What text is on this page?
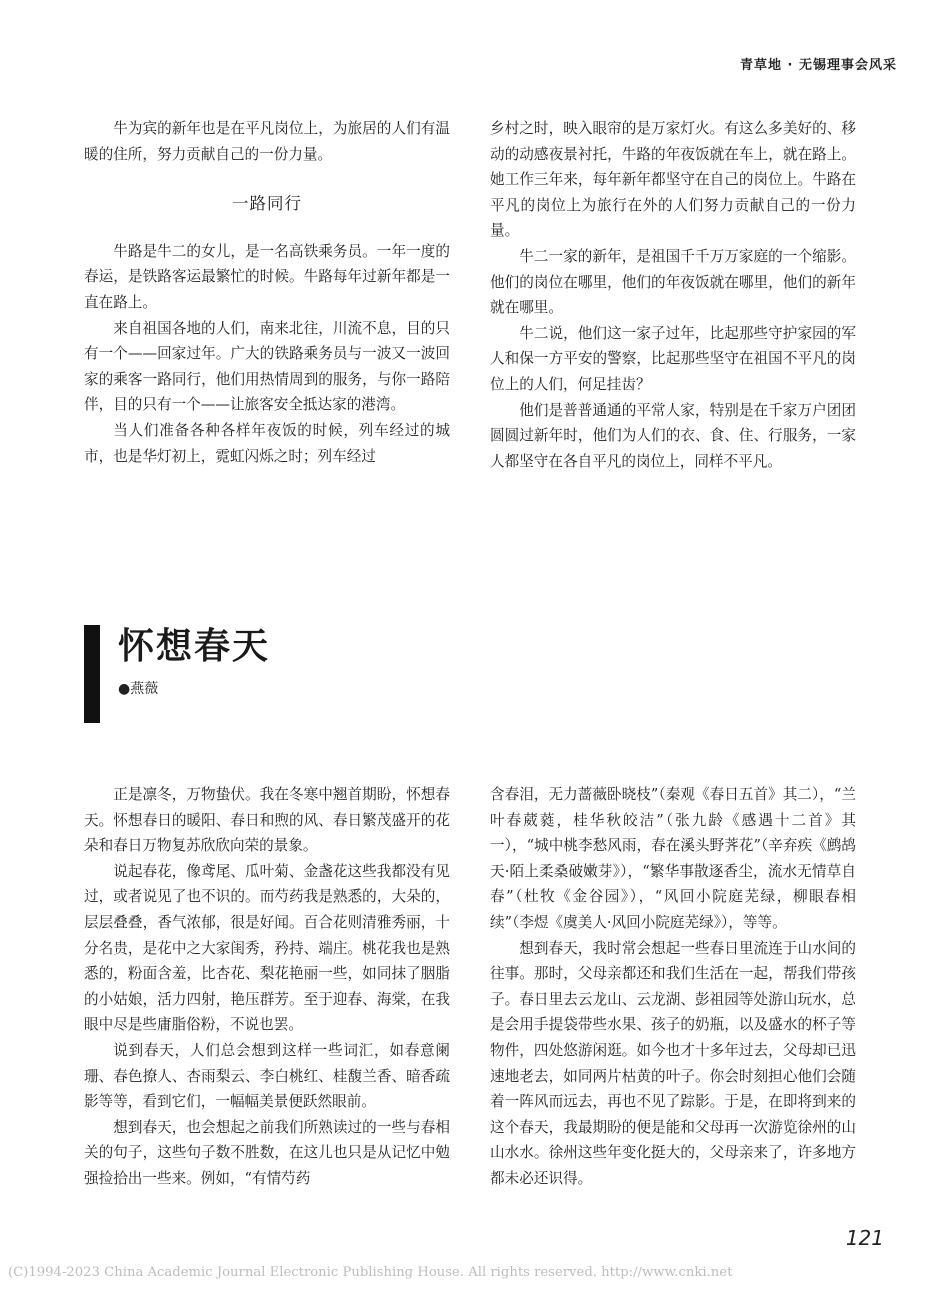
青草地 · 无锡理事会风采

牛为宾的新年也是在平凡岗位上，为旅居的人们有温暖的住所，努力贡献自己的一份力量。

一路同行

牛路是牛二的女儿，是一名高铁乘务员。一年一度的春运，是铁路客运最繁忙的时候。牛路每年过新年都是一直在路上。

来自祖国各地的人们，南来北往，川流不息，目的只有一个——回家过年。广大的铁路乘务员与一波又一波回家的乘客一路同行，他们用热情周到的服务，与你一路陪伴，目的只有一个——让旅客安全抵达家的港湾。

当人们准备各种各样年夜饭的时候，列车经过的城市，也是华灯初上，霓虹闪烁之时；列车经过

乡村之时，映入眼帘的是万家灯火。有这么多美好的、移动的动感夜景衬托，牛路的年夜饭就在车上，就在路上。她工作三年来，每年新年都坚守在自己的岗位上。牛路在平凡的岗位上为旅行在外的人们努力贡献自己的一份力量。

牛二一家的新年，是祖国千千万万家庭的一个缩影。他们的岗位在哪里，他们的年夜饭就在哪里，他们的新年就在哪里。

牛二说，他们这一家子过年，比起那些守护家园的军人和保一方平安的警察，比起那些坚守在祖国不平凡的岗位上的人们，何足挂齿？

他们是普普通通的平常人家，特别是在千家万户团团圆圆过新年时，他们为人们的衣、食、住、行服务，一家人都坚守在各自平凡的岗位上，同样不平凡。

怀想春天
●燕薇

正是凛冬，万物蛰伏。我在冬寒中翘首期盼，怀想春天。怀想春日的暖阳、春日和煦的风、春日繁茂盛开的花朵和春日万物复苏欣欣向荣的景象。

说起春花，像鸢尾、瓜叶菊、金盏花这些我都没有见过，或者说见了也不识的。而芍药我是熟悉的，大朵的，层层叠叠，香气浓郁，很是好闻。百合花则清雅秀丽，十分名贵，是花中之大家闺秀，矜持、端庄。桃花我也是熟悉的，粉面含羞，比杏花、梨花艳丽一些，如同抹了胭脂的小姑娘，活力四射，艳压群芳。至于迎春、海棠，在我眼中尽是些庸脂俗粉，不说也罢。

说到春天，人们总会想到这样一些词汇，如春意阑珊、春色撩人、杏雨梨云、李白桃红、桂馥兰香、暗香疏影等等，看到它们，一幅幅美景便跃然眼前。

想到春天，也会想起之前我们所熟读过的一些与春相关的句子，这些句子数不胜数，在这儿也只是从记忆中勉强捡拾出一些来。例如，“有情芍药

含春泪，无力蔷薇卧晓枝”（秦观《春日五首》其二），“兰叶春葳蕤，桂华秋皎洁”（张九龄《感遇十二首》其一），“城中桃李愁风雨，春在溪头野荠花”（辛弃疾《鹧鸪天·陌上柔桑破嫩芽》），“繁华事散逐香尘，流水无情草自春”（杜牧《金谷园》），“风回小院庭芜绿，柳眼春相续”（李煜《虞美人·风回小院庭芜绿》），等等。

想到春天，我时常会想起一些春日里流连于山水间的往事。那时，父母亲都还和我们生活在一起，帮我们带孩子。春日里去云龙山、云龙湖、彭祖园等处游山玩水，总是会用手提袋带些水果、孩子的奶瓶，以及盛水的杯子等物件，四处悠游闲逛。如今也才十多年过去，父母却已迅速地老去，如同两片枯黄的叶子。你会时刻担心他们会随着一阵风而远去，再也不见了踪影。于是，在即将到来的这个春天，我最期盼的便是能和父母再一次游览徐州的山山水水。徐州这些年变化挺大的，父母亲来了，许多地方都未必还识得。

121
(C)1994-2023 China Academic Journal Electronic Publishing House. All rights reserved. http://www.cnki.net
